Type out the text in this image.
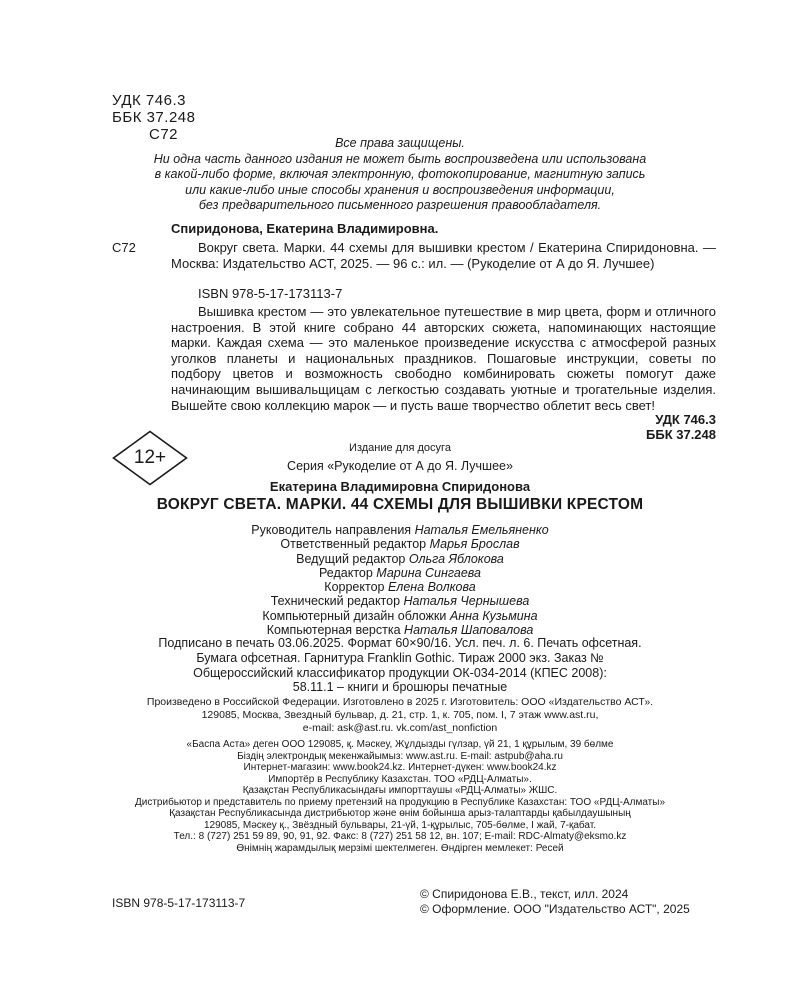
УДК 746.3
ББК 37.248
С72	Все права защищены.
Ни одна часть данного издания не может быть воспроизведена или использована
в какой-либо форме, включая электронную, фотокопирование, магнитную запись
или какие-либо иные способы хранения и воспроизведения информации,
без предварительного письменного разрешения правообладателя.
Спиридонова, Екатерина Владимировна.
С72	Вокруг света. Марки. 44 схемы для вышивки крестом / Екатерина Спиридоновна. — Москва: Издательство АСТ, 2025. — 96 с.: ил. — (Рукоделие от А до Я. Лучшее)
ISBN 978-5-17-173113-7
Вышивка крестом — это увлекательное путешествие в мир цвета, форм и отличного настроения. В этой книге собрано 44 авторских сюжета, напоминающих настоящие марки. Каждая схема — это маленькое произведение искусства с атмосферой разных уголков планеты и национальных праздников. Пошаговые инструкции, советы по подбору цветов и возможность свободно комбинировать сюжеты помогут даже начинающим вышивальщицам с легкостью создавать уютные и трогательные изделия. Вышейте свою коллекцию марок — и пусть ваше творчество облетит весь свет!
УДК 746.3
ББК 37.248
12+	Издание для досуга
Серия «Рукоделие от А до Я. Лучшее»
Екатерина Владимировна Спиридонова
ВОКРУГ СВЕТА. МАРКИ. 44 СХЕМЫ ДЛЯ ВЫШИВКИ КРЕСТОМ
Руководитель направления Наталья Емельяненко
Ответственный редактор Марья Брослав
Ведущий редактор Ольга Яблокова
Редактор Марина Сингаева
Корректор Елена Волкова
Технический редактор Наталья Чернышева
Компьютерный дизайн обложки Анна Кузьмина
Компьютерная верстка Наталья Шаповалова
Подписано в печать 03.06.2025. Формат 60×90/16. Усл. печ. л. 6. Печать офсетная.
Бумага офсетная. Гарнитура Franklin Gothic. Тираж 2000 экз. Заказ №
Общероссийский классификатор продукции ОК-034-2014 (КПЕС 2008):
58.11.1 – книги и брошюры печатные
Произведено в Российской Федерации. Изготовлено в 2025 г. Изготовитель: ООО «Издательство АСТ».
129085, Москва, Звездный бульвар, д. 21, стр. 1, к. 705, пом. I, 7 этаж www.ast.ru,
e-mail: ask@ast.ru. vk.com/ast_nonfiction
«Баспа Аста» деген ООО 129085, қ. Мәскеу, Жұлдызды гүлзар, үй 21, 1 құрылым, 39 бөлме
Біздің электрондық мекенжайымыз: www.ast.ru. E-mail: astpub@aha.ru
Интернет-магазин: www.book24.kz. Интернет-дүкен: www.book24.kz
Импортёр в Республику Казахстан. ТОО «РДЦ-Алматы».
Қазақстан Республикасындағы импорттаушы «РДЦ-Алматы» ЖШС.
Дистрибьютор и представитель по приему претензий на продукцию в Республике Казахстан: ТОО «РДЦ-Алматы»
Қазақстан Республикасында дистрибьютор және өнім бойынша арыз-талаптарды қабылдаушының
129085, Мәскеу қ., Звёздный бульвары, 21-үй, 1-құрылыс, 705-бөлме, I жай, 7-қабат.
Тел.: 8 (727) 251 59 89, 90, 91, 92. Факс: 8 (727) 251 58 12, вн. 107; E-mail: RDC-Almaty@eksmo.kz
Өнімнің жарамдылық мерзімі шектелмеген. Өндірген мемлекет: Ресей
ISBN 978-5-17-173113-7
© Спиридонова Е.В., текст, илл. 2024
© Оформление. ООО "Издательство АСТ", 2025
